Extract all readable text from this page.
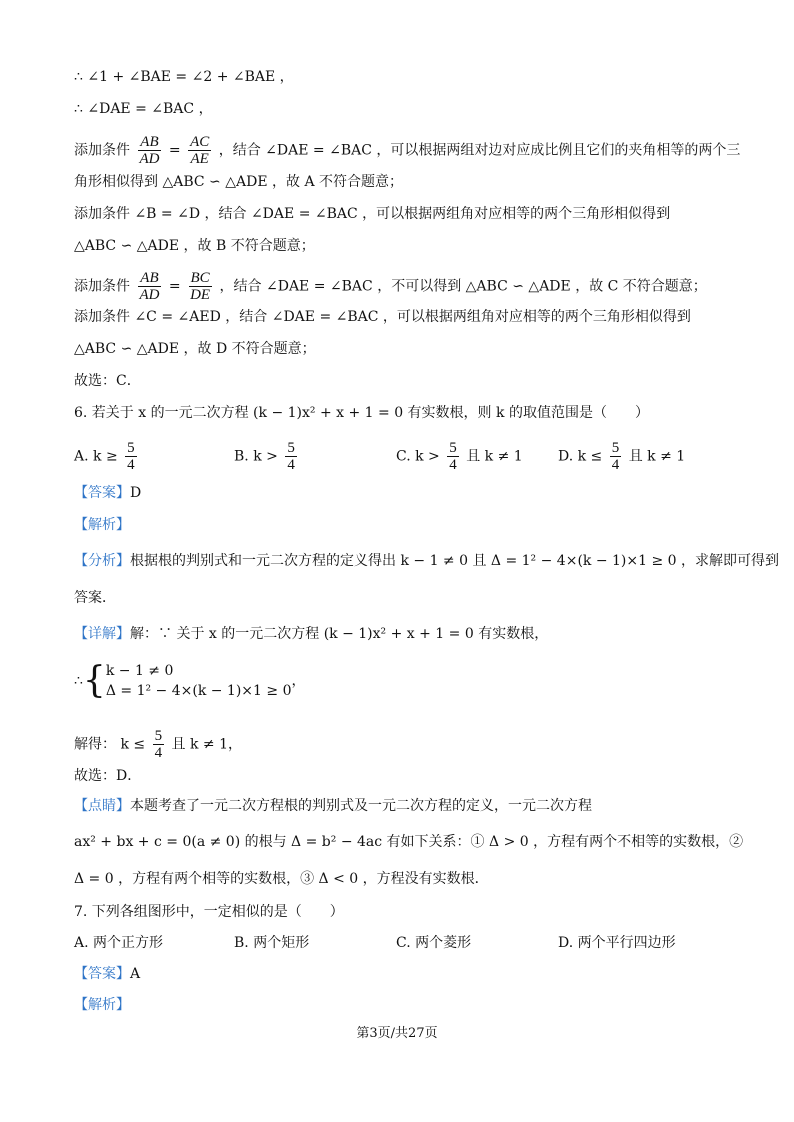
∴ ∠1 + ∠BAE = ∠2 + ∠BAE ，
∴ ∠DAE = ∠BAC ，
添加条件 $\frac{AB}{AD} = \frac{AC}{AE}$ ，结合 ∠DAE = ∠BAC ，可以根据两组对边对应成比例且它们的夹角相等的两个三
角形相似得到 △ABC ∽ △ADE ，故 A 不符合题意；
添加条件 ∠B = ∠D ，结合 ∠DAE = ∠BAC ，可以根据两组角对应相等的两个三角形相似得到
△ABC ∽ △ADE ，故 B 不符合题意；
添加条件 $\frac{AB}{AD} = \frac{BC}{DE}$ ，结合 ∠DAE = ∠BAC ，不可以得到 △ABC ∽ △ADE ，故 C 不符合题意；
添加条件 ∠C = ∠AED ，结合 ∠DAE = ∠BAC ，可以根据两组角对应相等的两个三角形相似得到
△ABC ∽ △ADE ，故 D 不符合题意；
故选：C．
6. 若关于 x 的一元二次方程 (k − 1)x² + x + 1 = 0 有实数根，则 k 的取值范围是（　　）
A. $k \ge \frac{5}{4}$	B. $k > \frac{5}{4}$	C. $k > \frac{5}{4}$ 且 k ≠ 1	D. $k \le \frac{5}{4}$ 且 k ≠ 1
【答案】D
【解析】
【分析】根据根的判别式和一元二次方程的定义得出 k − 1 ≠ 0 且 Δ = 1² − 4×(k − 1)×1 ≥ 0 ，求解即可得到
答案．
【详解】解：∵ 关于 x 的一元二次方程 (k − 1)x² + x + 1 = 0 有实数根，
∴ { k − 1 ≠ 0
Δ = 1² − 4×(k − 1)×1 ≥ 0
，
解得： $k \le \frac{5}{4}$ 且 k ≠ 1，
故选：D．
【点睛】本题考查了一元二次方程根的判别式及一元二次方程的定义，一元二次方程
ax² + bx + c = 0(a ≠ 0) 的根与 Δ = b² − 4ac 有如下关系：① Δ > 0 ，方程有两个不相等的实数根，②
Δ = 0 ，方程有两个相等的实数根，③ Δ < 0 ，方程没有实数根．
7. 下列各组图形中，一定相似的是（　　）
A. 两个正方形	B. 两个矩形	C. 两个菱形	D. 两个平行四边形
【答案】A
【解析】
第3页/共27页
